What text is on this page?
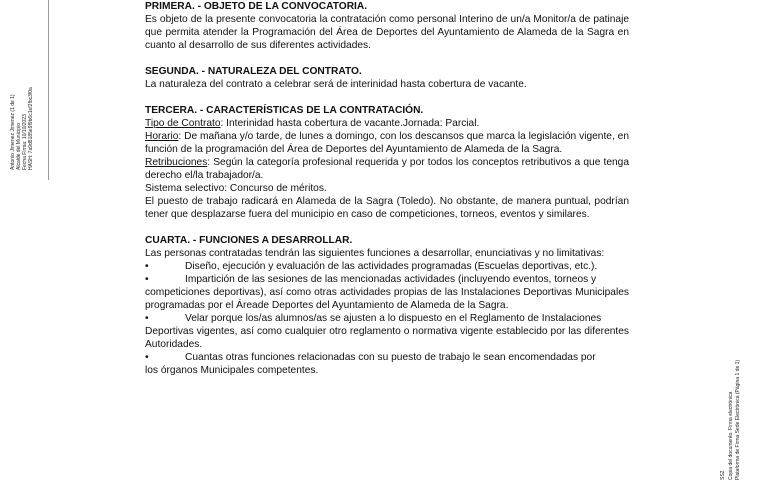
Antonio Jimenez Jimenez (1 de 1) Alcalde del Municipio Fecha Firma: 10/10/2023 HASH: 7a9d5185e9f9b6c1ef2fbc3f0a
SS2 Copia del documento. Firma electrónica Plataforma de Firma Sede Electrónica (Página 1 de 1)

PRIMERA. - OBJETO DE LA CONVOCATORIA.

Es objeto de la presente convocatoria la contratación como personal Interino de un/a Monitor/a de patinaje que permita atender la Programación del Área de Deportes del Ayuntamiento de Alameda de la Sagra en cuanto al desarrollo de sus diferentes actividades.

SEGUNDA. - NATURALEZA DEL CONTRATO.

La naturaleza del contrato a celebrar será de interinidad hasta cobertura de vacante.

TERCERA. - CARACTERÍSTICAS DE LA CONTRATACIÓN.

Tipo de Contrato: Interinidad hasta cobertura de vacante.Jornada: Parcial.

Horario: De mañana y/o tarde, de lunes a domingo, con los descansos que marca la legislación vigente, en función de la programación del Área de Deportes del Ayuntamiento de Alameda de la Sagra.

Retribuciones: Según la categoría profesional requerida y por todos los conceptos retributivos a que tenga derecho el/la trabajador/a.

Sistema selectivo: Concurso de méritos.

El puesto de trabajo radicará en Alameda de la Sagra (Toledo). No obstante, de manera puntual, podrían tener que desplazarse fuera del municipio en caso de competiciones, torneos, eventos y similares.

CUARTA. - FUNCIONES A DESARROLLAR.

Las personas contratadas tendrán las siguientes funciones a desarrollar, enunciativas y no limitativas:

•	Diseño, ejecución y evaluación de las actividades programadas (Escuelas deportivas, etc.).
•	Impartición de las sesiones de las mencionadas actividades (incluyendo eventos, torneos y

competiciones deportivas), así como otras actividades propias de las Instalaciones Deportivas Municipales programadas por el Áreade Deportes del Ayuntamiento de Alameda de la Sagra.

•	Velar porque los/as alumnos/as se ajusten a lo dispuesto en el Reglamento de Instalaciones

Deportivas vigentes, así como cualquier otro reglamento o normativa vigente establecido por las diferentes Autoridades.

•	Cuantas otras funciones relacionadas con su puesto de trabajo le sean encomendadas por

los órganos Municipales competentes.
